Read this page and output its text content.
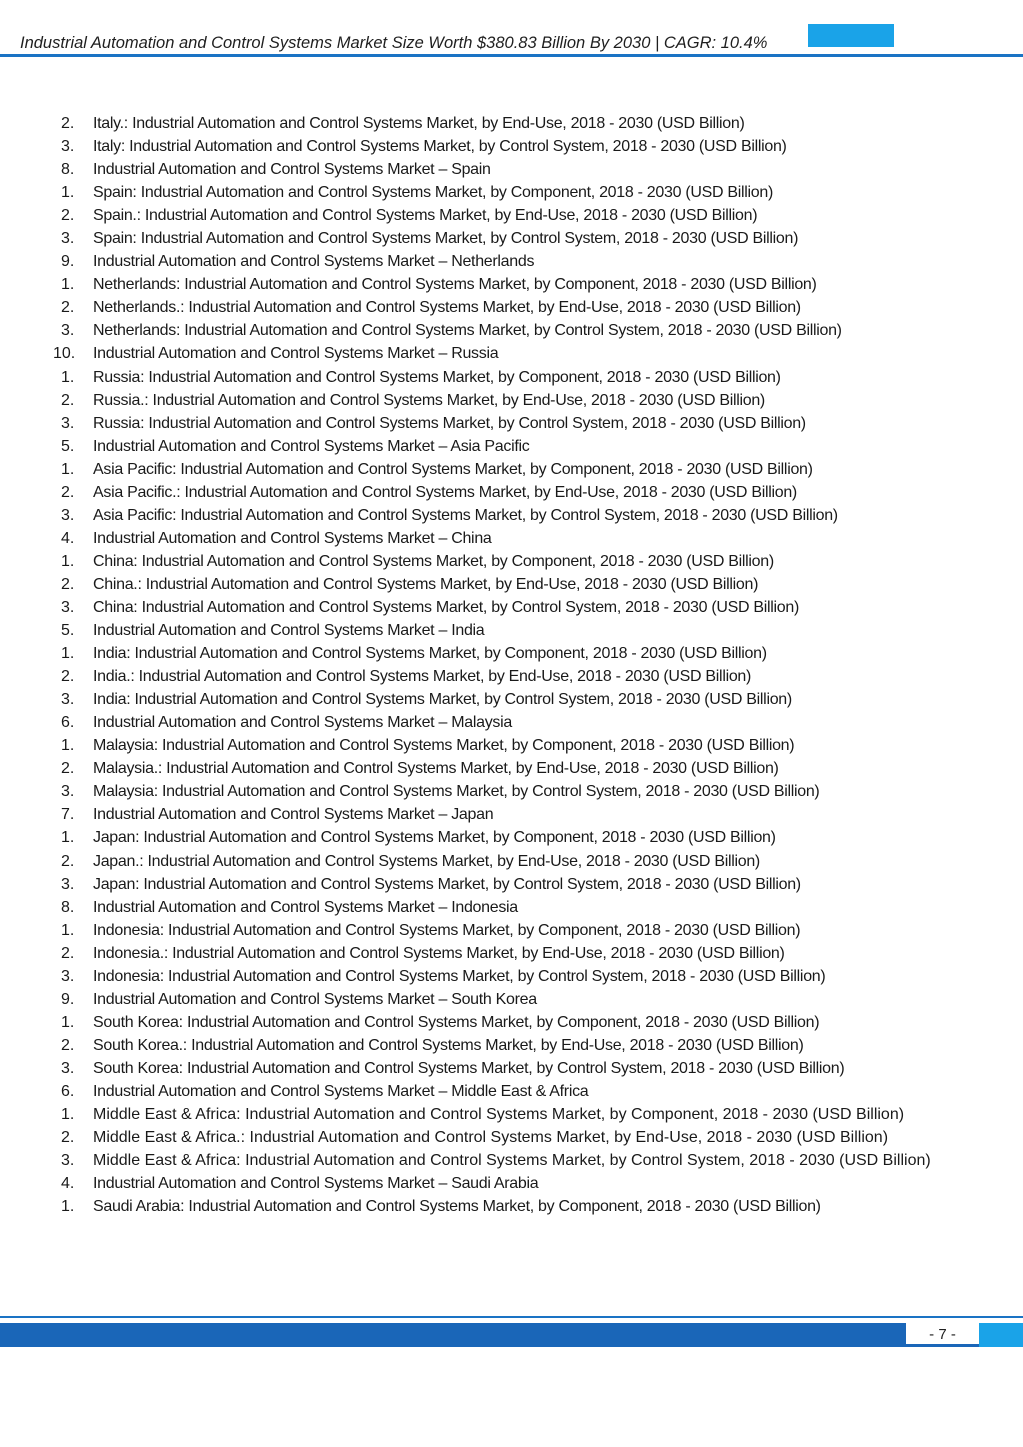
Industrial Automation and Control Systems Market Size Worth $380.83 Billion By 2030 | CAGR: 10.4%
2.	Italy.: Industrial Automation and Control Systems Market, by End-Use, 2018 - 2030 (USD Billion)
3.	Italy: Industrial Automation and Control Systems Market, by Control System, 2018 - 2030 (USD Billion)
8.	Industrial Automation and Control Systems Market – Spain
1.	Spain: Industrial Automation and Control Systems Market, by Component, 2018 - 2030 (USD Billion)
2.	Spain.: Industrial Automation and Control Systems Market, by End-Use, 2018 - 2030 (USD Billion)
3.	Spain: Industrial Automation and Control Systems Market, by Control System, 2018 - 2030 (USD Billion)
9.	Industrial Automation and Control Systems Market – Netherlands
1.	Netherlands: Industrial Automation and Control Systems Market, by Component, 2018 - 2030 (USD Billion)
2.	Netherlands.: Industrial Automation and Control Systems Market, by End-Use, 2018 - 2030 (USD Billion)
3.	Netherlands: Industrial Automation and Control Systems Market, by Control System, 2018 - 2030 (USD Billion)
10.	Industrial Automation and Control Systems Market – Russia
1.	Russia: Industrial Automation and Control Systems Market, by Component, 2018 - 2030 (USD Billion)
2.	Russia.: Industrial Automation and Control Systems Market, by End-Use, 2018 - 2030 (USD Billion)
3.	Russia: Industrial Automation and Control Systems Market, by Control System, 2018 - 2030 (USD Billion)
5.	Industrial Automation and Control Systems Market – Asia Pacific
1.	Asia Pacific: Industrial Automation and Control Systems Market, by Component, 2018 - 2030 (USD Billion)
2.	Asia Pacific.: Industrial Automation and Control Systems Market, by End-Use, 2018 - 2030 (USD Billion)
3.	Asia Pacific: Industrial Automation and Control Systems Market, by Control System, 2018 - 2030 (USD Billion)
4.	Industrial Automation and Control Systems Market – China
1.	China: Industrial Automation and Control Systems Market, by Component, 2018 - 2030 (USD Billion)
2.	China.: Industrial Automation and Control Systems Market, by End-Use, 2018 - 2030 (USD Billion)
3.	China: Industrial Automation and Control Systems Market, by Control System, 2018 - 2030 (USD Billion)
5.	Industrial Automation and Control Systems Market – India
1.	India: Industrial Automation and Control Systems Market, by Component, 2018 - 2030 (USD Billion)
2.	India.: Industrial Automation and Control Systems Market, by End-Use, 2018 - 2030 (USD Billion)
3.	India: Industrial Automation and Control Systems Market, by Control System, 2018 - 2030 (USD Billion)
6.	Industrial Automation and Control Systems Market – Malaysia
1.	Malaysia: Industrial Automation and Control Systems Market, by Component, 2018 - 2030 (USD Billion)
2.	Malaysia.: Industrial Automation and Control Systems Market, by End-Use, 2018 - 2030 (USD Billion)
3.	Malaysia: Industrial Automation and Control Systems Market, by Control System, 2018 - 2030 (USD Billion)
7.	Industrial Automation and Control Systems Market – Japan
1.	Japan: Industrial Automation and Control Systems Market, by Component, 2018 - 2030 (USD Billion)
2.	Japan.: Industrial Automation and Control Systems Market, by End-Use, 2018 - 2030 (USD Billion)
3.	Japan: Industrial Automation and Control Systems Market, by Control System, 2018 - 2030 (USD Billion)
8.	Industrial Automation and Control Systems Market – Indonesia
1.	Indonesia: Industrial Automation and Control Systems Market, by Component, 2018 - 2030 (USD Billion)
2.	Indonesia.: Industrial Automation and Control Systems Market, by End-Use, 2018 - 2030 (USD Billion)
3.	Indonesia: Industrial Automation and Control Systems Market, by Control System, 2018 - 2030 (USD Billion)
9.	Industrial Automation and Control Systems Market – South Korea
1.	South Korea: Industrial Automation and Control Systems Market, by Component, 2018 - 2030 (USD Billion)
2.	South Korea.: Industrial Automation and Control Systems Market, by End-Use, 2018 - 2030 (USD Billion)
3.	South Korea: Industrial Automation and Control Systems Market, by Control System, 2018 - 2030 (USD Billion)
6.	Industrial Automation and Control Systems Market – Middle East & Africa
1.	Middle East & Africa: Industrial Automation and Control Systems Market, by Component, 2018 - 2030 (USD Billion)
2.	Middle East & Africa.: Industrial Automation and Control Systems Market, by End-Use, 2018 - 2030 (USD Billion)
3.	Middle East & Africa: Industrial Automation and Control Systems Market, by Control System, 2018 - 2030 (USD Billion)
4.	Industrial Automation and Control Systems Market – Saudi Arabia
1.	Saudi Arabia: Industrial Automation and Control Systems Market, by Component, 2018 - 2030 (USD Billion)
- 7 -
